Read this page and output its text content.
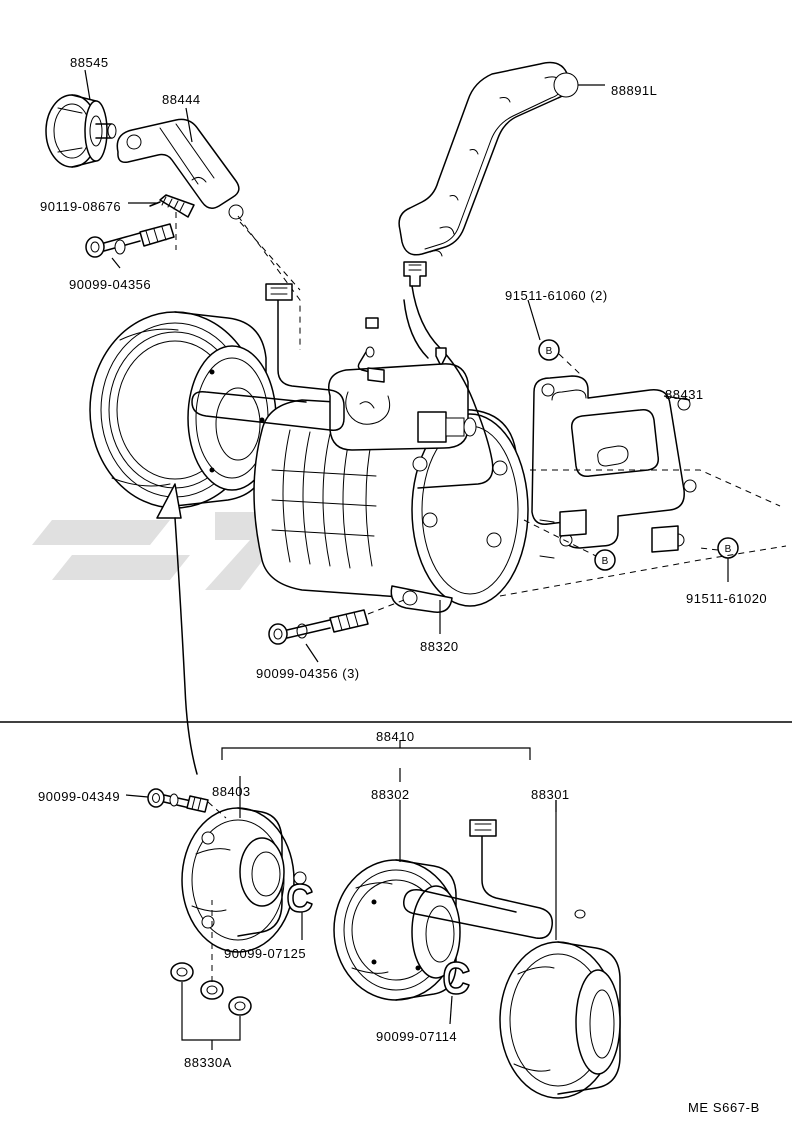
B
B
B
88545
88444
90119-08676
90099-04356
88891L
91511-61060 (2)
88431
91511-61020
88320
90099-04356 (3)
88410
88403	88302	88301
90099-04349
90099-07125
90099-07114
88330A
ME S667-B
